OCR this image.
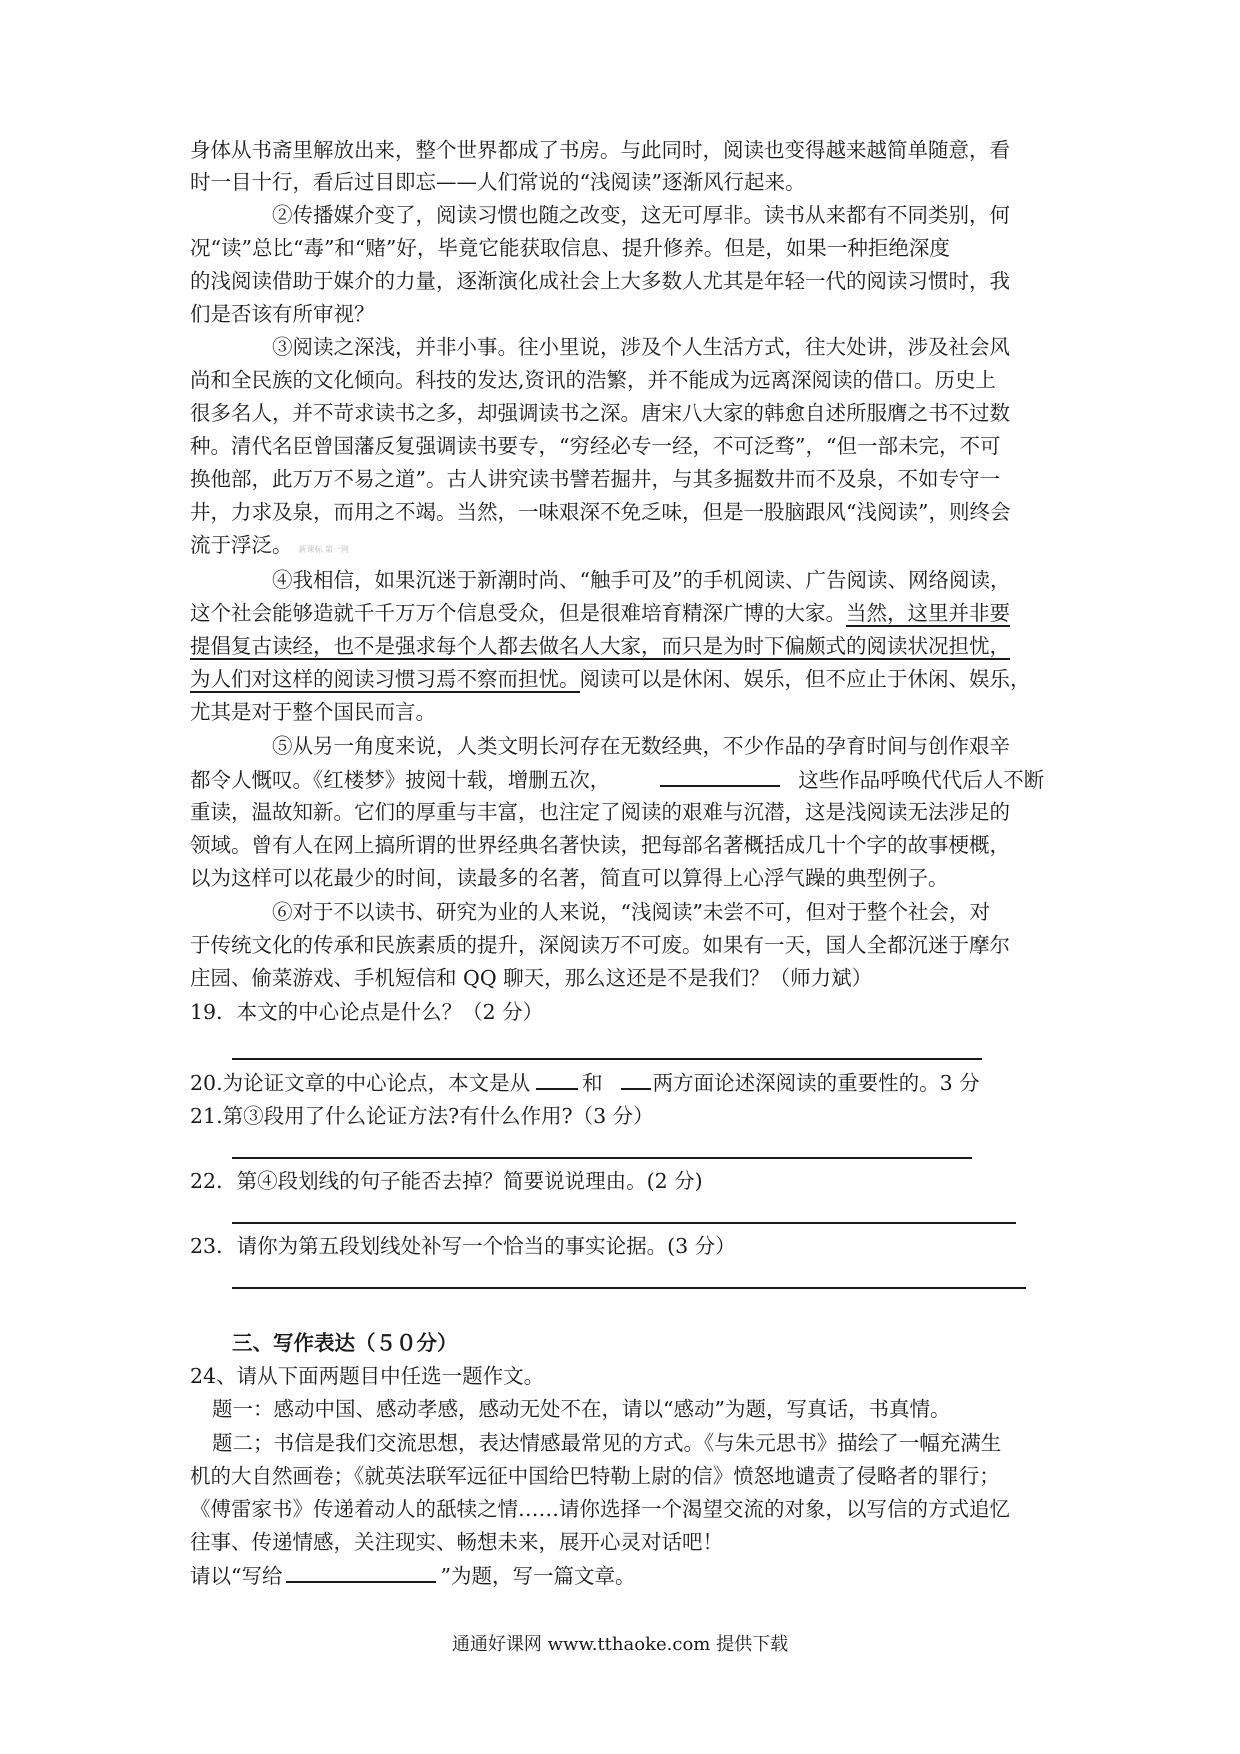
身体从书斋里解放出来，整个世界都成了书房。与此同时，阅读也变得越来越简单随意，看
时一目十行，看后过目即忘——人们常说的“浅阅读”逐渐风行起来。
②传播媒介变了，阅读习惯也随之改变，这无可厚非。读书从来都有不同类别，何
况“读”总比“毒”和“赌”好，毕竟它能获取信息、提升修养。但是，如果一种拒绝深度
的浅阅读借助于媒介的力量，逐渐演化成社会上大多数人尤其是年轻一代的阅读习惯时，我
们是否该有所审视？
③阅读之深浅，并非小事。往小里说，涉及个人生活方式，往大处讲，涉及社会风
尚和全民族的文化倾向。科技的发达,资讯的浩繁，并不能成为远离深阅读的借口。历史上
很多名人，并不苛求读书之多，却强调读书之深。唐宋八大家的韩愈自述所服膺之书不过数
种。清代名臣曾国藩反复强调读书要专，“穷经必专一经，不可泛骛”，“但一部未完，不可
换他部，此万万不易之道”。古人讲究读书譬若掘井，与其多掘数井而不及泉，不如专守一
井，力求及泉，而用之不竭。当然，一味艰深不免乏味，但是一股脑跟风“浅阅读”，则终会
流于浮泛。 新课标 第一网
④我相信，如果沉迷于新潮时尚、“触手可及”的手机阅读、广告阅读、网络阅读，
这个社会能够造就千千万万个信息受众，但是很难培育精深广博的大家。当然，这里并非要
提倡复古读经，也不是强求每个人都去做名人大家，而只是为时下偏颇式的阅读状况担忧，
为人们对这样的阅读习惯习焉不察而担忧。阅读可以是休闲、娱乐，但不应止于休闲、娱乐，
尤其是对于整个国民而言。
⑤从另一角度来说，人类文明长河存在无数经典，不少作品的孕育时间与创作艰辛
都令人慨叹。《红楼梦》披阅十载，增删五次，	这些作品呼唤代代后人不断
重读，温故知新。它们的厚重与丰富，也注定了阅读的艰难与沉潜，这是浅阅读无法涉足的
领域。曾有人在网上搞所谓的世界经典名著快读，把每部名著概括成几十个字的故事梗概，
以为这样可以花最少的时间，读最多的名著，简直可以算得上心浮气躁的典型例子。
⑥对于不以读书、研究为业的人来说，“浅阅读”未尝不可，但对于整个社会，对
于传统文化的传承和民族素质的提升，深阅读万不可废。如果有一天，国人全都沉迷于摩尔
庄园、偷菜游戏、手机短信和 QQ 聊天，那么这还是不是我们？（师力斌）
19．本文的中心论点是什么？（2 分）
20.为论证文章的中心论点，本文是从	和 两方面论述深阅读的重要性的。3 分
21.第③段用了什么论证方法?有什么作用?（3 分）
22．第④段划线的句子能否去掉？简要说说理由。(2 分)
23．请你为第五段划线处补写一个恰当的事实论据。(3 分）
三、写作表达（５０分）
24、请从下面两题目中任选一题作文。
题一：感动中国、感动孝感，感动无处不在，请以“感动”为题，写真话，书真情。
题二；书信是我们交流思想，表达情感最常见的方式。《与朱元思书》描绘了一幅充满生
机的大自然画卷；《就英法联军远征中国给巴特勒上尉的信》愤怒地谴责了侵略者的罪行；
《傅雷家书》传递着动人的舐犊之情……请你选择一个渴望交流的对象，以写信的方式追忆
往事、传递情感，关注现实、畅想未来，展开心灵对话吧！
请以“写给	”为题，写一篇文章。
通通好课网 www.tthaoke.com 提供下载
